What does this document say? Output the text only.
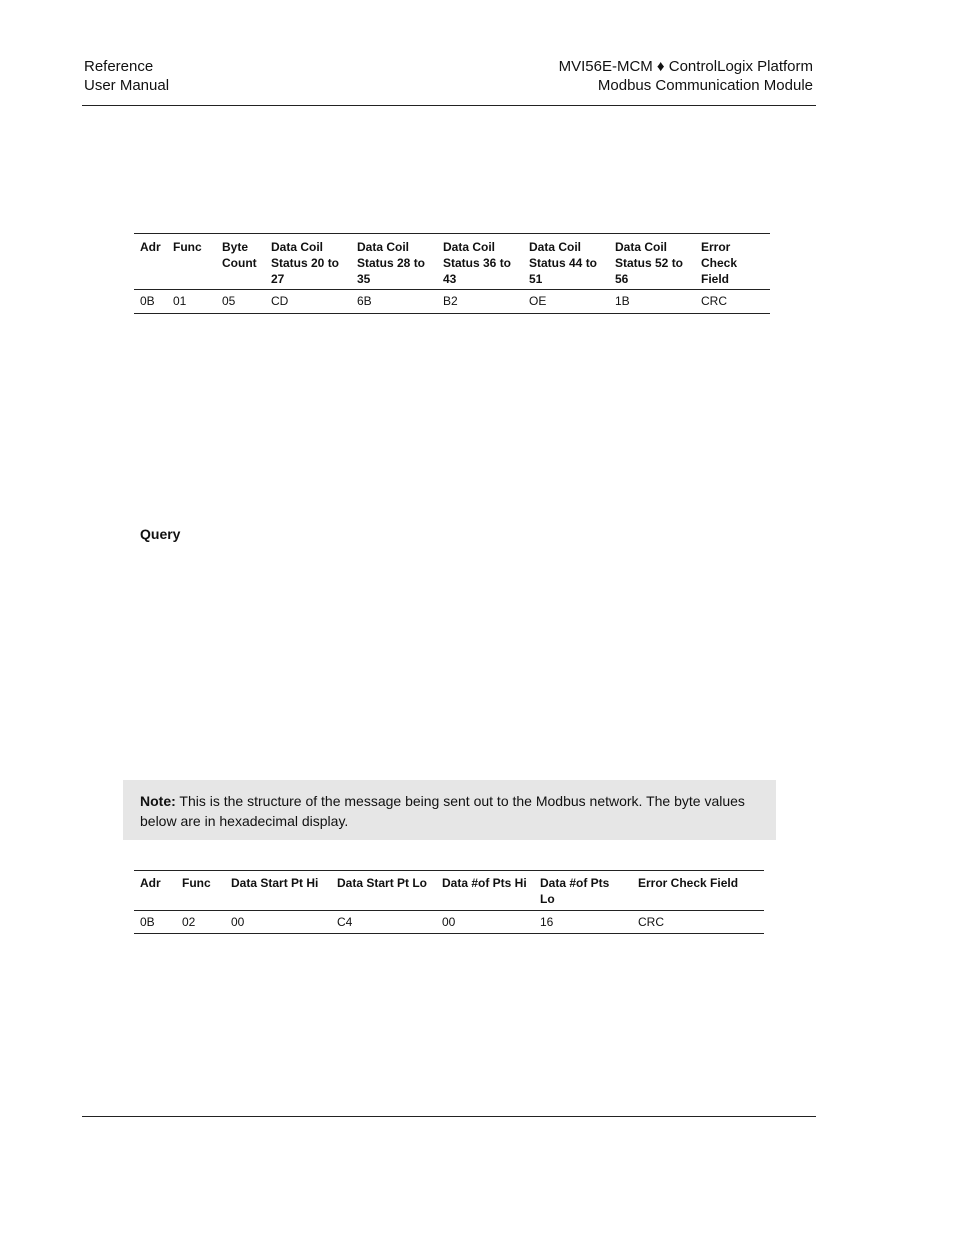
Reference
User Manual
MVI56E-MCM ♦ ControlLogix Platform
Modbus Communication Module
Adr	Func	Byte Count	Data Coil Status 20 to 27	Data Coil Status 28 to 35	Data Coil Status 36 to 43	Data Coil Status 44 to 51	Data Coil Status 52 to 56	Error Check Field
0B	01	05	CD	6B	B2	OE	1B	CRC
Query
Note: This is the structure of the message being sent out to the Modbus network. The byte values below are in hexadecimal display.
Adr	Func	Data Start Pt Hi	Data Start Pt Lo	Data #of Pts Hi	Data #of Pts Lo	Error Check Field
0B	02	00	C4	00	16	CRC
